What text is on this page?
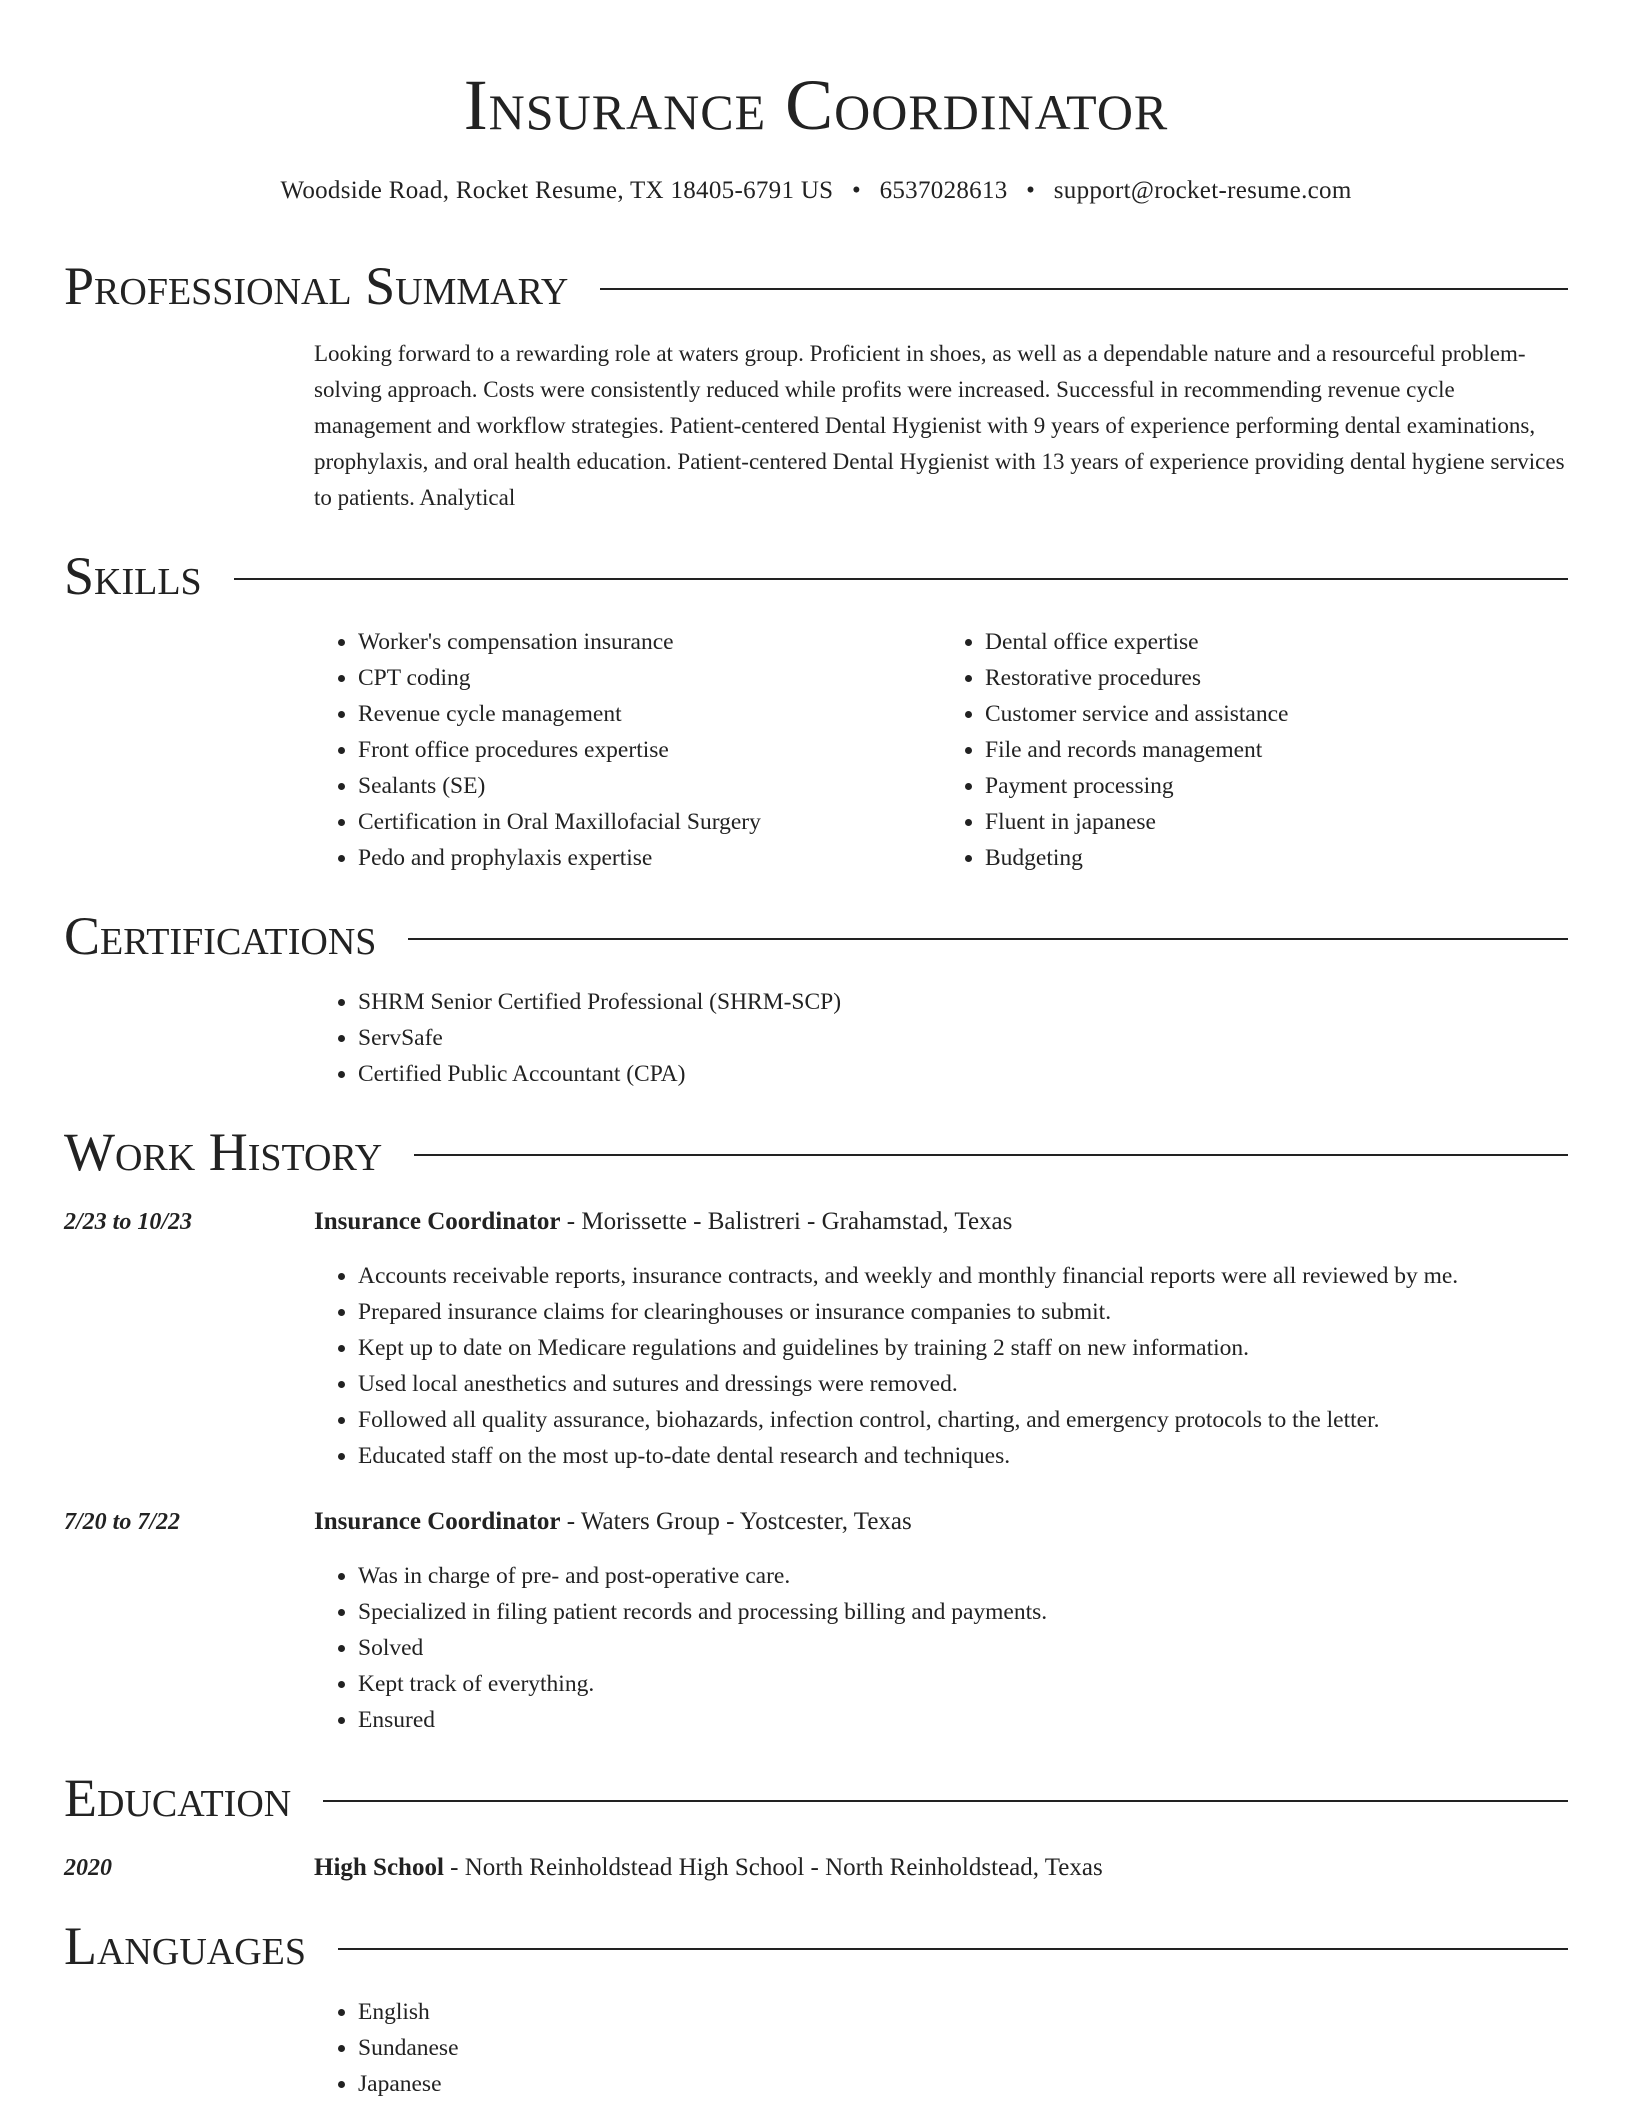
Insurance Coordinator
Woodside Road, Rocket Resume, TX 18405-6791 US • 6537028613 • support@rocket-resume.com
Professional Summary
Looking forward to a rewarding role at waters group. Proficient in shoes, as well as a dependable nature and a resourceful problem-solving approach. Costs were consistently reduced while profits were increased. Successful in recommending revenue cycle management and workflow strategies. Patient-centered Dental Hygienist with 9 years of experience performing dental examinations, prophylaxis, and oral health education. Patient-centered Dental Hygienist with 13 years of experience providing dental hygiene services to patients. Analytical
Skills
• Worker's compensation insurance
• CPT coding
• Revenue cycle management
• Front office procedures expertise
• Sealants (SE)
• Certification in Oral Maxillofacial Surgery
• Pedo and prophylaxis expertise
• Dental office expertise
• Restorative procedures
• Customer service and assistance
• File and records management
• Payment processing
• Fluent in japanese
• Budgeting
Certifications
• SHRM Senior Certified Professional (SHRM-SCP)
• ServSafe
• Certified Public Accountant (CPA)
Work History
2/23 to 10/23	Insurance Coordinator - Morissette - Balistreri - Grahamstad, Texas
• Accounts receivable reports, insurance contracts, and weekly and monthly financial reports were all reviewed by me.
• Prepared insurance claims for clearinghouses or insurance companies to submit.
• Kept up to date on Medicare regulations and guidelines by training 2 staff on new information.
• Used local anesthetics and sutures and dressings were removed.
• Followed all quality assurance, biohazards, infection control, charting, and emergency protocols to the letter.
• Educated staff on the most up-to-date dental research and techniques.
7/20 to 7/22	Insurance Coordinator - Waters Group - Yostcester, Texas
• Was in charge of pre- and post-operative care.
• Specialized in filing patient records and processing billing and payments.
• Solved
• Kept track of everything.
• Ensured
Education
2020	High School - North Reinholdstead High School - North Reinholdstead, Texas
Languages
• English
• Sundanese
• Japanese
